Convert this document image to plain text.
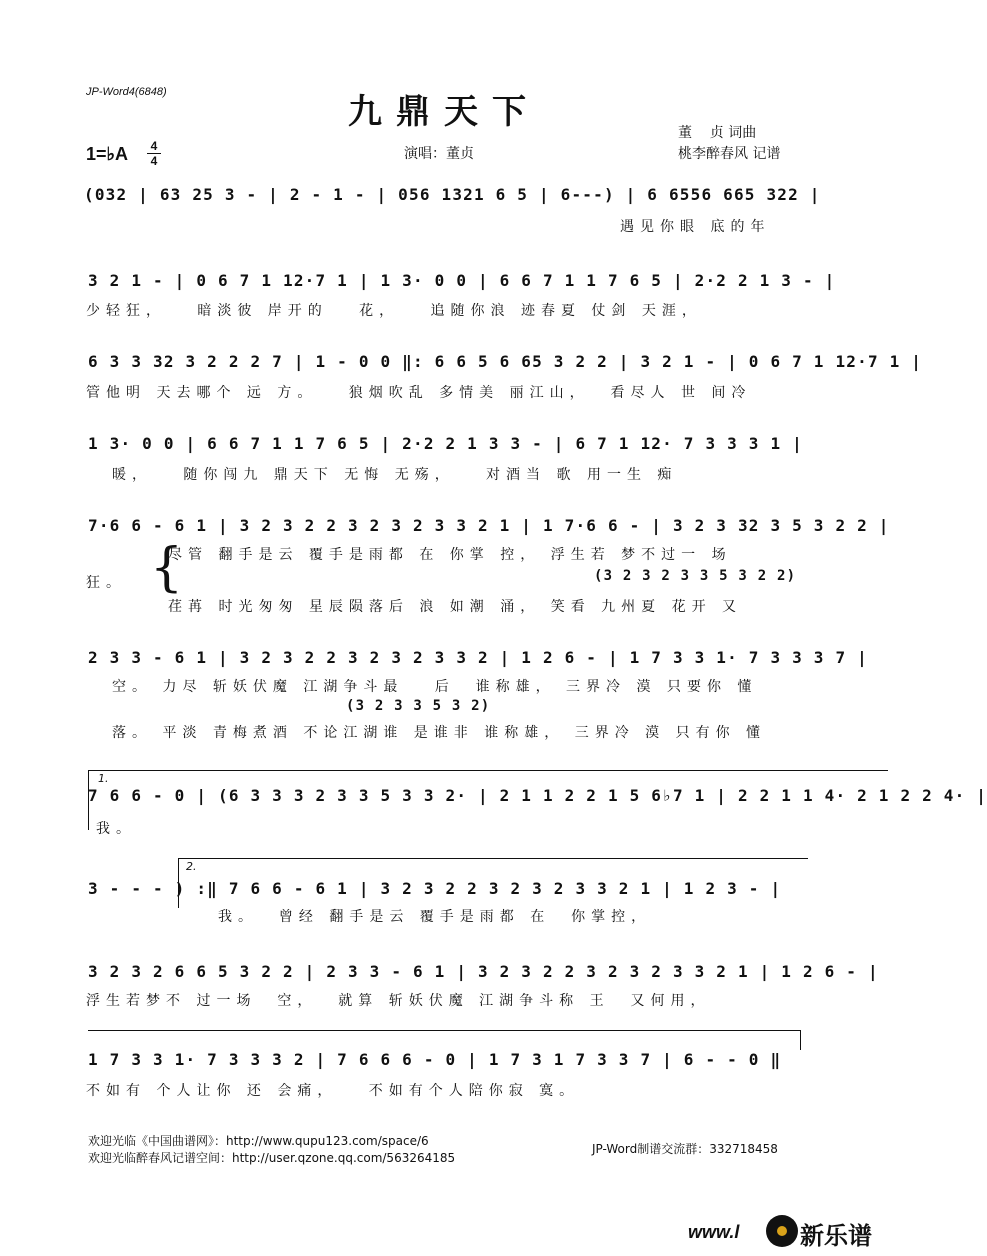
JP-Word4(6848)	九鼎天下
董    贞 词曲
演唱：董贞	桃李醉春风 记谱
1=♭A	4
4
(032 | 63 25 3 - | 2 - 1 - | 056 1321 6 5 | 6---) | 6 6556 665 322 |
遇见你眼 底的年
3 2 1 - | 0 6 7 1 12·7 1 | 1 3· 0 0 | 6 6 7 1 1 7 6 5 | 2·2 2 1 3 - |
少轻狂，   暗淡彼 岸开的   花，   追随你浪 迹春夏 仗剑 天涯，
6 3 3 32 3 2 2 2 7 | 1 - 0 0 ‖: 6 6 5 6 65 3 2 2 | 3 2 1 - | 0 6 7 1 12·7 1 |
管他明 天去哪个 远 方。   狼烟吹乱 多情美 丽江山，  看尽人 世 间冷
1 3· 0 0 | 6 6 7 1 1 7 6 5 | 2·2 2 1 3 3 - | 6 7 1 12· 7 3 3 3 1 |
暖，   随你闯九 鼎天下 无悔 无殇，   对酒当 歌 用一生 痴
7·6 6 - 6 1 | 3 2 3 2 2 3 2 3 2 3 3 2 1 | 1 7·6 6 - | 3 2 3 32 3 5 3 2 2 |
{
尽管 翻手是云 覆手是雨都 在 你掌 控， 浮生若 梦不过一 场
狂。	(3 2 3 2 3 3 5 3 2 2)
荏苒 时光匆匆 星辰陨落后 浪 如潮 涌， 笑看 九州夏 花开 又
2 3 3 - 6 1 | 3 2 3 2 2 3 2 3 2 3 3 2 | 1 2 6 - | 1 7 3 3 1· 7 3 3 3 7 |
空。 力尽 斩妖伏魔 江湖争斗最   后  谁称雄， 三界冷 漠 只要你 懂
(3 2 3 3 5 3 2)
落。 平淡 青梅煮酒 不论江湖谁 是谁非 谁称雄， 三界冷 漠 只有你 懂
1.
7 6 6 - 0 | (6 3 3 3 2 3 3 5 3 3 2· | 2 1 1 2 2 1 5 6♭7 1 | 2 2 1 1 4· 2 1 2 2 4· |
我。
2.
3 - - - ) :‖ 7 6 6 - 6 1 | 3 2 3 2 2 3 2 3 2 3 3 2 1 | 1 2 3 - |
我。  曾经 翻手是云 覆手是雨都 在  你掌控，
3 2 3 2 6 6 5 3 2 2 | 2 3 3 - 6 1 | 3 2 3 2 2 3 2 3 2 3 3 2 1 | 1 2 6 - |
浮生若梦不 过一场  空，  就算 斩妖伏魔 江湖争斗称 王  又何用，
1 7 3 3 1· 7 3 3 3 2 | 7 6 6 6 - 0 | 1 7 3 1 7 3 3 7 | 6 - - 0 ‖
不如有 个人让你 还 会痛，   不如有个人陪你寂 寞。
欢迎光临《中国曲谱网》：http://www.qupu123.com/space/6
欢迎光临醉春风记谱空间：http://user.qzone.qq.com/563264185
JP-Word制谱交流群：332718458
www.l	新乐谱
